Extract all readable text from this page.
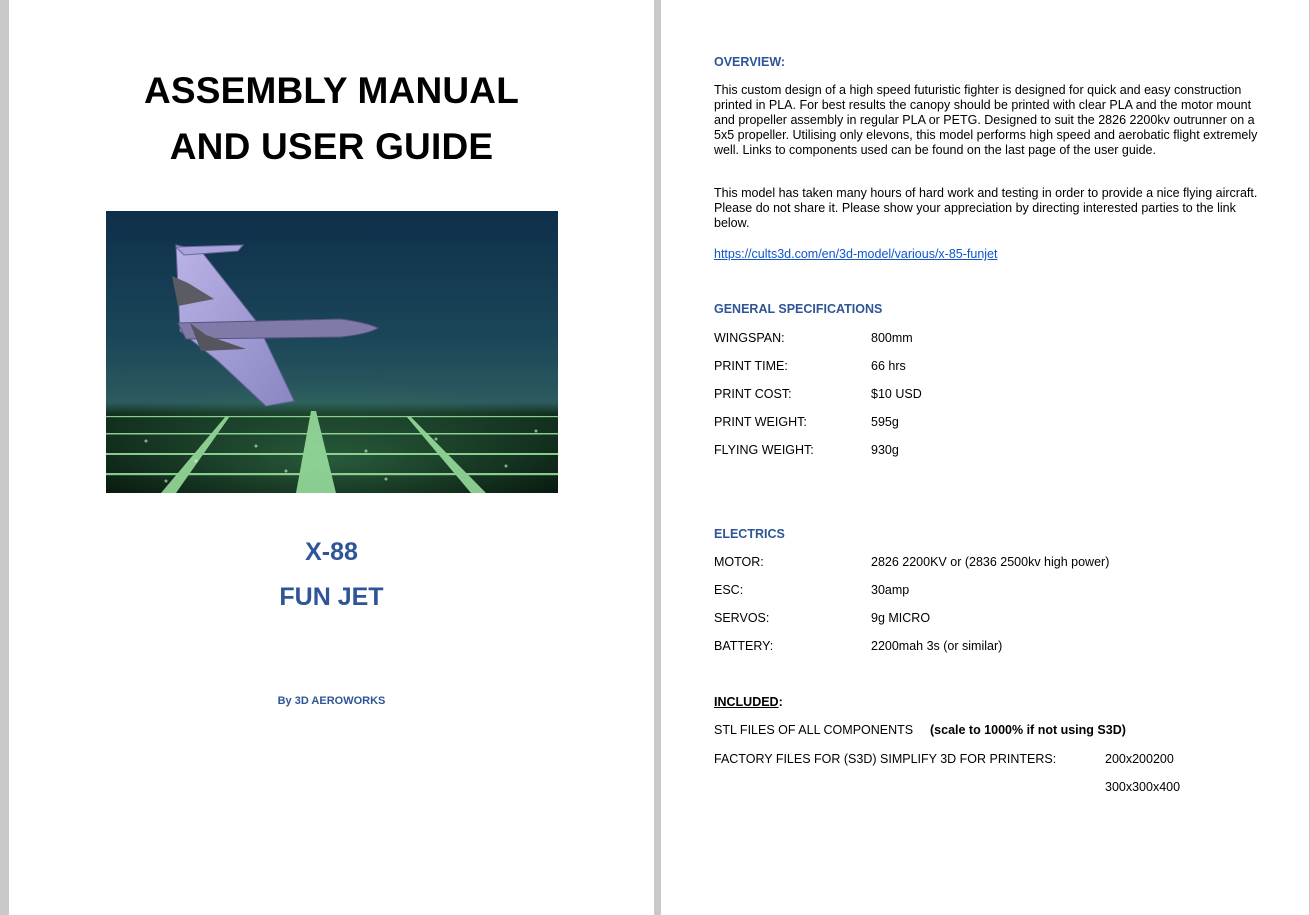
ASSEMBLY MANUAL
AND USER GUIDE
X-88
FUN JET
By 3D AEROWORKS
OVERVIEW:
This custom design of a high speed futuristic fighter is designed for quick and easy construction printed in PLA. For best results the canopy should be printed with clear PLA and the motor mount and propeller assembly in regular PLA or PETG. Designed to suit the 2826 2200kv outrunner on a 5x5 propeller. Utilising only elevons, this model performs high speed and aerobatic flight extremely well. Links to components used can be found on the last page of the user guide.
This model has taken many hours of hard work and testing in order to provide a nice flying aircraft. Please do not share it. Please show your appreciation by directing interested parties to the link below.
https://cults3d.com/en/3d-model/various/x-85-funjet
GENERAL SPECIFICATIONS
WINGSPAN:	800mm
PRINT TIME:	66 hrs
PRINT COST:	$10 USD
PRINT WEIGHT:	595g
FLYING WEIGHT:	930g
ELECTRICS
MOTOR:	2826 2200KV or (2836 2500kv high power)
ESC:	30amp
SERVOS:	9g MICRO
BATTERY:	2200mah 3s (or similar)
INCLUDED:
STL FILES OF ALL COMPONENTS (scale to 1000% if not using S3D)
FACTORY FILES FOR (S3D) SIMPLIFY 3D FOR PRINTERS:	200x200200
300x300x400
